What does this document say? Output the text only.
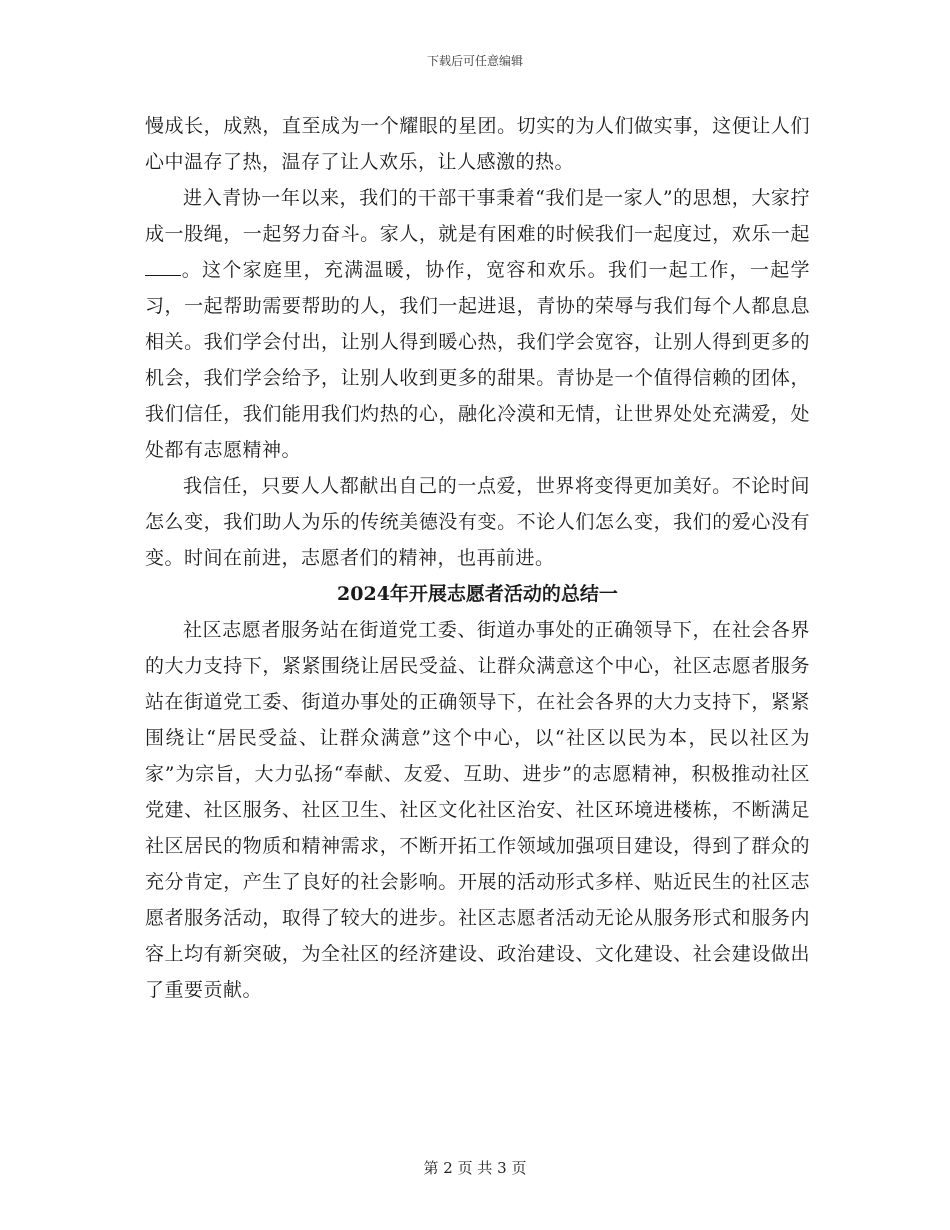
下载后可任意编辑

慢成长，成熟，直至成为一个耀眼的星团。切实的为人们做实事，这便让人们心中温存了热，温存了让人欢乐，让人感激的热。

进入青协一年以来，我们的干部干事秉着“我们是一家人”的思想，大家拧成一股绳，一起努力奋斗。家人，就是有困难的时候我们一起度过，欢乐一起。这个家庭里，充满温暖，协作，宽容和欢乐。我们一起工作，一起学习，一起帮助需要帮助的人，我们一起进退，青协的荣辱与我们每个人都息息相关。我们学会付出，让别人得到暖心热，我们学会宽容，让别人得到更多的机会，我们学会给予，让别人收到更多的甜果。青协是一个值得信赖的团体，我们信任，我们能用我们灼热的心，融化冷漠和无情，让世界处处充满爱，处处都有志愿精神。

我信任，只要人人都献出自己的一点爱，世界将变得更加美好。不论时间怎么变，我们助人为乐的传统美德没有变。不论人们怎么变，我们的爱心没有变。时间在前进，志愿者们的精神，也再前进。

2024年开展志愿者活动的总结一

社区志愿者服务站在街道党工委、街道办事处的正确领导下，在社会各界的大力支持下，紧紧围绕让居民受益、让群众满意这个中心，社区志愿者服务站在街道党工委、街道办事处的正确领导下，在社会各界的大力支持下，紧紧围绕让“居民受益、让群众满意”这个中心，以“社区以民为本，民以社区为家”为宗旨，大力弘扬“奉献、友爱、互助、进步”的志愿精神，积极推动社区党建、社区服务、社区卫生、社区文化社区治安、社区环境进楼栋，不断满足社区居民的物质和精神需求，不断开拓工作领域加强项目建设，得到了群众的充分肯定，产生了良好的社会影响。开展的活动形式多样、贴近民生的社区志愿者服务活动，取得了较大的进步。社区志愿者活动无论从服务形式和服务内容上均有新突破，为全社区的经济建设、政治建设、文化建设、社会建设做出了重要贡献。

第 2 页 共 3 页
